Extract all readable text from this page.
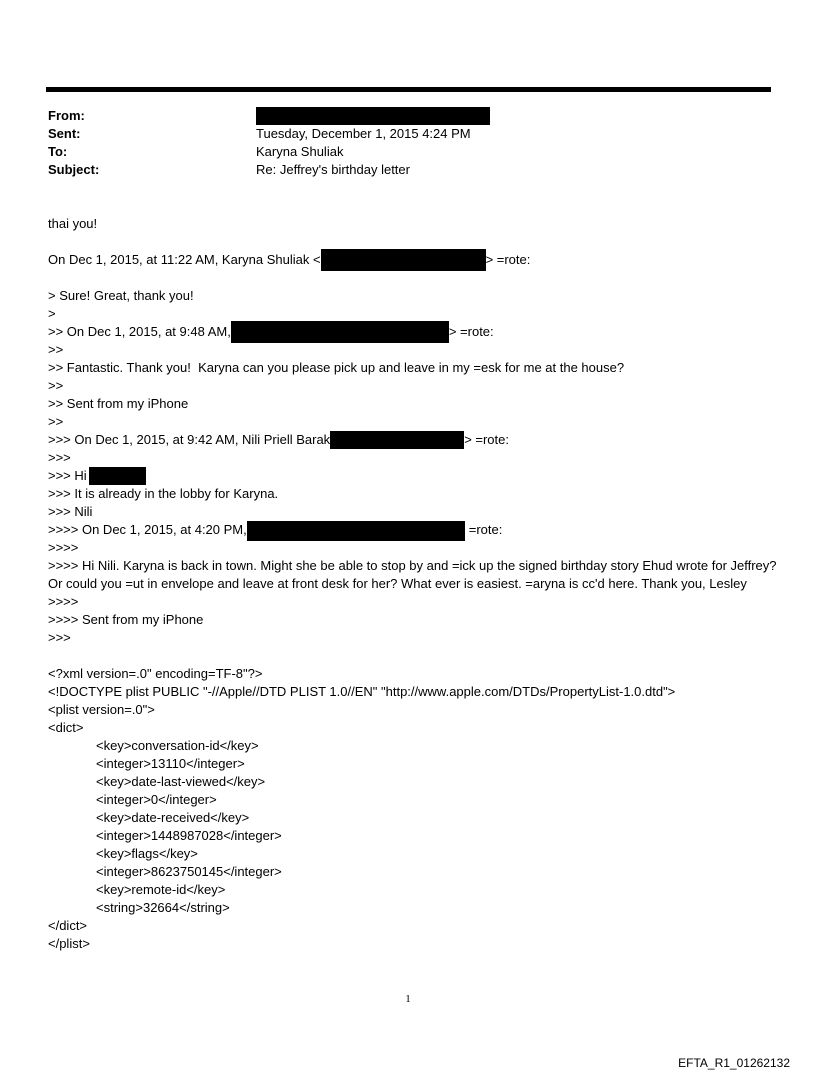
From:
Sent:	Tuesday, December 1, 2015 4:24 PM
To:	Karyna Shuliak
Subject:	Re: Jeffrey's birthday letter
thai you!
On Dec 1, 2015, at 11:22 AM, Karyna Shuliak <	> =rote:
> Sure! Great, thank you!
>
>> On Dec 1, 2015, at 9:48 AM,	> =rote:
>>
>> Fantastic. Thank you!  Karyna can you please pick up and leave in my =esk for me at the house?
>>
>> Sent from my iPhone
>>
>>> On Dec 1, 2015, at 9:42 AM, Nili Priell Barak	> =rote:
>>>
>>> Hi
>>> It is already in the lobby for Karyna.
>>> Nili
>>>> On Dec 1, 2015, at 4:20 PM,	=rote:
>>>>
>>>> Hi Nili. Karyna is back in town. Might she be able to stop by and =ick up the signed birthday story Ehud wrote for Jeffrey? Or could you =ut in envelope and leave at front desk for her? What ever is easiest. =aryna is cc'd here. Thank you, Lesley
>>>>
>>>> Sent from my iPhone
>>>
<?xml version=.0" encoding=TF-8"?>
<!DOCTYPE plist PUBLIC "-//Apple//DTD PLIST 1.0//EN" "http://www.apple.com/DTDs/PropertyList-1.0.dtd">
<plist version=.0">
<dict>
<key>conversation-id</key>
<integer>13110</integer>
<key>date-last-viewed</key>
<integer>0</integer>
<key>date-received</key>
<integer>1448987028</integer>
<key>flags</key>
<integer>8623750145</integer>
<key>remote-id</key>
<string>32664</string>
</dict>
</plist>
1
EFTA_R1_01262132
